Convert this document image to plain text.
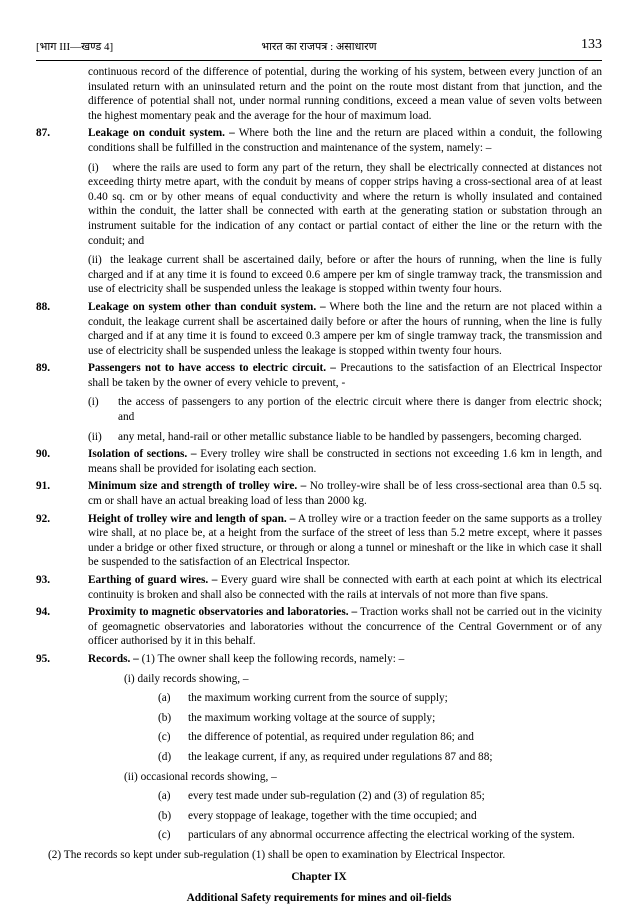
[भाग III—खण्ड 4]	भारत का राजपत्र : असाधारण	133
continuous record of the difference of potential, during the working of his system, between every junction of an insulated return with an uninsulated return and the point on the route most distant from that junction, and the difference of potential shall not, under normal running conditions, exceed a mean value of seven volts between the highest momentary peak and the average for the hour of maximum load.
87.	Leakage on conduit system. – Where both the line and the return are placed within a conduit, the following conditions shall be fulfilled in the construction and maintenance of the system, namely: –
(i) where the rails are used to form any part of the return, they shall be electrically connected at distances not exceeding thirty metre apart, with the conduit by means of copper strips having a cross-sectional area of at least 0.40 sq. cm or by other means of equal conductivity and where the return is wholly insulated and contained within the conduit, the latter shall be connected with earth at the generating station or substation through an instrument suitable for the indication of any contact or partial contact of either the line or the return with the conduit; and
(ii) the leakage current shall be ascertained daily, before or after the hours of running, when the line is fully charged and if at any time it is found to exceed 0.6 ampere per km of single tramway track, the transmission and use of electricity shall be suspended unless the leakage is stopped within twenty four hours.
88.	Leakage on system other than conduit system. – Where both the line and the return are not placed within a conduit, the leakage current shall be ascertained daily before or after the hours of running, when the line is fully charged and if at any time it is found to exceed 0.3 ampere per km of single tramway track, the transmission and use of electricity shall be suspended unless the leakage is stopped within twenty four hours.
89.	Passengers not to have access to electric circuit. – Precautions to the satisfaction of an Electrical Inspector shall be taken by the owner of every vehicle to prevent, -
(i)	the access of passengers to any portion of the electric circuit where there is danger from electric shock; and
(ii)	any metal, hand-rail or other metallic substance liable to be handled by passengers, becoming charged.
90.	Isolation of sections. – Every trolley wire shall be constructed in sections not exceeding 1.6 km in length, and means shall be provided for isolating each section.
91.	Minimum size and strength of trolley wire. – No trolley-wire shall be of less cross-sectional area than 0.5 sq. cm or shall have an actual breaking load of less than 2000 kg.
92.	Height of trolley wire and length of span. – A trolley wire or a traction feeder on the same supports as a trolley wire shall, at no place be, at a height from the surface of the street of less than 5.2 metre except, where it passes under a bridge or other fixed structure, or through or along a tunnel or mineshaft or the like in which case it shall be suspended to the satisfaction of an Electrical Inspector.
93.	Earthing of guard wires. – Every guard wire shall be connected with earth at each point at which its electrical continuity is broken and shall also be connected with the rails at intervals of not more than five spans.
94.	Proximity to magnetic observatories and laboratories. – Traction works shall not be carried out in the vicinity of geomagnetic observatories and laboratories without the concurrence of the Central Government or of any officer authorised by it in this behalf.
95.	Records. – (1) The owner shall keep the following records, namely: –
(i) daily records showing, –
(a)	the maximum working current from the source of supply;
(b)	the maximum working voltage at the source of supply;
(c)	the difference of potential, as required under regulation 86; and
(d)	the leakage current, if any, as required under regulations 87 and 88;
(ii) occasional records showing, –
(a)	every test made under sub-regulation (2) and (3) of regulation 85;
(b)	every stoppage of leakage, together with the time occupied; and
(c)	particulars of any abnormal occurrence affecting the electrical working of the system.
(2) The records so kept under sub-regulation (1) shall be open to examination by Electrical Inspector.
Chapter IX
Additional Safety requirements for mines and oil-fields
